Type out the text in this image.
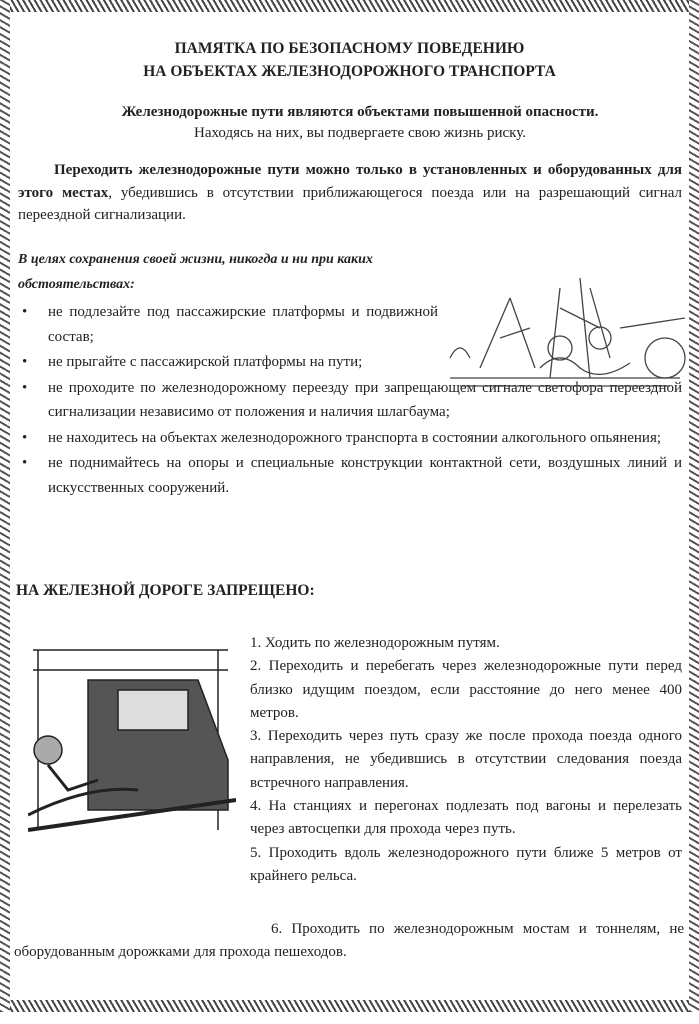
ПАМЯТКА ПО БЕЗОПАСНОМУ ПОВЕДЕНИЮ
НА ОБЪЕКТАХ ЖЕЛЕЗНОДОРОЖНОГО ТРАНСПОРТА
Железнодорожные пути являются объектами повышенной опасности.
Находясь на них, вы подвергаете свою жизнь риску.
Переходить железнодорожные пути можно только в установленных и оборудованных для этого местах, убедившись в отсутствии приближающегося поезда или на разрешающий сигнал переездной сигнализации.
В целях сохранения своей жизни, никогда и ни при каких обстоятельствах:
• не подлезайте под пассажирские платформы и подвижной состав;
• не прыгайте с пассажирской платформы на пути;
• не проходите по железнодорожному переезду при запрещающем сигнале светофора переездной сигнализации независимо от положения и наличия шлагбаума;
• не находитесь на объектах железнодорожного транспорта в состоянии алкогольного опьянения;
• не поднимайтесь на опоры и специальные конструкции контактной сети, воздушных линий и искусственных сооружений.
НА ЖЕЛЕЗНОЙ ДОРОГЕ ЗАПРЕЩЕНО:

1. Ходить по железнодорожным путям.

2. Переходить и перебегать через железнодорожные пути перед близко идущим поездом, если расстояние до него менее 400 метров.

3. Переходить через путь сразу же после прохода поезда одного направления, не убедившись в отсутствии следования поезда встречного направления.

4. На станциях и перегонах подлезать под вагоны и перелезать через автосцепки для прохода через путь.

5. Проходить вдоль железнодорожного пути ближе 5 метров от крайнего рельса.

6. Проходить по железнодорожным мостам и тоннелям, не оборудованным дорожками для прохода пешеходов.
